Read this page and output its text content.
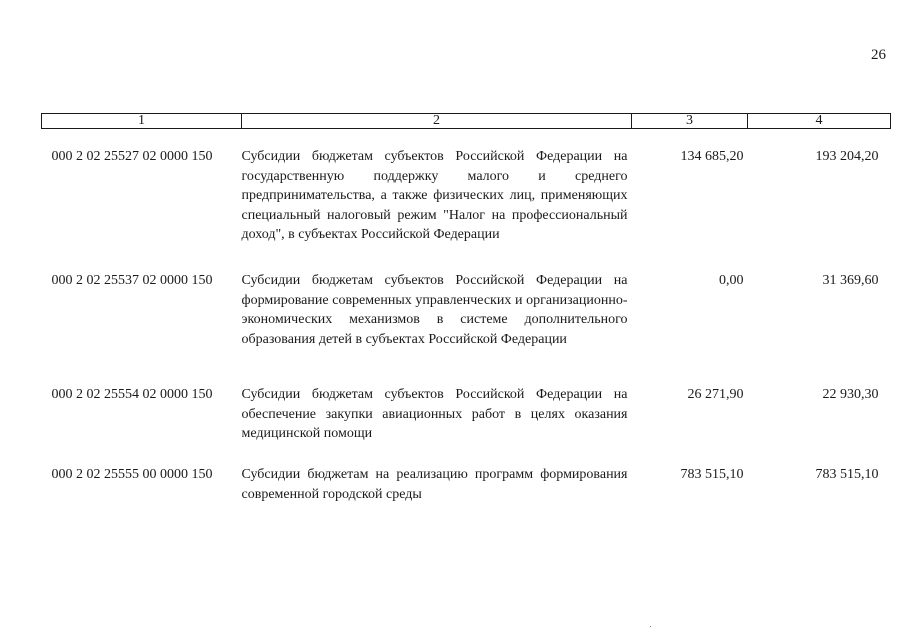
26
1	2	3	4
000 2 02 25527 02 0000 150	Субсидии бюджетам субъектов Российской Федерации на государственную поддержку малого и среднего предпринимательства, а также физических лиц, применяющих специальный налоговый режим "Налог на профессиональный доход", в субъектах Российской Федерации	134 685,20	193 204,20
000 2 02 25537 02 0000 150	Субсидии бюджетам субъектов Российской Федерации на формирование современных управленческих и организационно-экономических механизмов в системе дополнительного образования детей в субъектах Российской Федерации	0,00	31 369,60
000 2 02 25554 02 0000 150	Субсидии бюджетам субъектов Российской Федерации на обеспечение закупки авиационных работ в целях оказания медицинской помощи	26 271,90	22 930,30
000 2 02 25555 00 0000 150	Субсидии бюджетам на реализацию программ формирования современной городской среды	783 515,10	783 515,10
